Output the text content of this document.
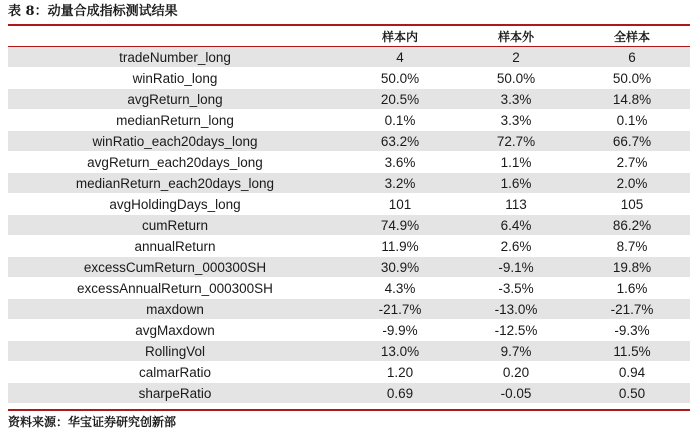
表 8：动量合成指标测试结果
	样本内	样本外	全样本
tradeNumber_long	4	2	6
winRatio_long	50.0%	50.0%	50.0%
avgReturn_long	20.5%	3.3%	14.8%
medianReturn_long	0.1%	3.3%	0.1%
winRatio_each20days_long	63.2%	72.7%	66.7%
avgReturn_each20days_long	3.6%	1.1%	2.7%
medianReturn_each20days_long	3.2%	1.6%	2.0%
avgHoldingDays_long	101	113	105
cumReturn	74.9%	6.4%	86.2%
annualReturn	11.9%	2.6%	8.7%
excessCumReturn_000300SH	30.9%	-9.1%	19.8%
excessAnnualReturn_000300SH	4.3%	-3.5%	1.6%
maxdown	-21.7%	-13.0%	-21.7%
avgMaxdown	-9.9%	-12.5%	-9.3%
RollingVol	13.0%	9.7%	11.5%
calmarRatio	1.20	0.20	0.94
sharpeRatio	0.69	-0.05	0.50
资料来源：华宝证券研究创新部
